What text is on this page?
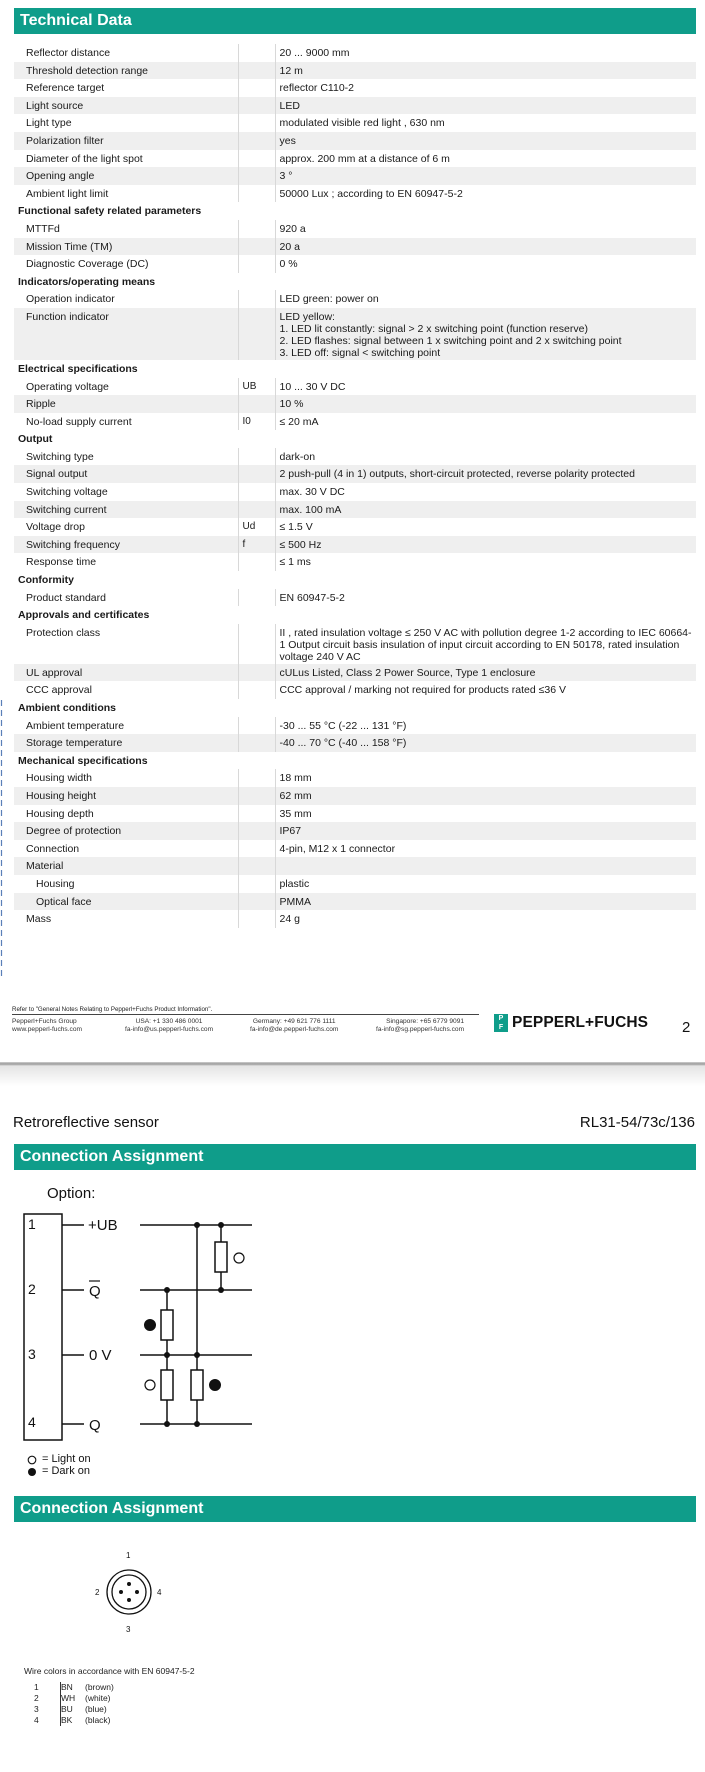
Technical Data
Reflector distance		20 ... 9000 mm
Threshold detection range		12 m
Reference target		reflector C110-2
Light source		LED
Light type		modulated visible red light , 630 nm
Polarization filter		yes
Diameter of the light spot		approx. 200 mm at a distance of 6 m
Opening angle		3 °
Ambient light limit		50000 Lux ; according to EN 60947-5-2
Functional safety related parameters		
MTTFd		920 a
Mission Time (TM)		20 a
Diagnostic Coverage (DC)		0 %
Indicators/operating means		
Operation indicator		LED green: power on
Function indicator		LED yellow:
1. LED lit constantly: signal > 2 x switching point (function reserve)
2. LED flashes: signal between 1 x switching point and 2 x switching point
3. LED off: signal < switching point
Electrical specifications		
Operating voltage	UB	10 ... 30 V DC
Ripple		10 %
No-load supply current	I0	≤ 20 mA
Output		
Switching type		dark-on
Signal output		2 push-pull (4 in 1) outputs, short-circuit protected, reverse polarity protected
Switching voltage		max. 30 V DC
Switching current		max. 100 mA
Voltage drop	Ud	≤ 1.5 V
Switching frequency	f	≤ 500 Hz
Response time		≤ 1 ms
Conformity		
Product standard		EN 60947-5-2
Approvals and certificates		
Protection class		II , rated insulation voltage ≤ 250 V AC with pollution degree 1-2 according to IEC 60664-1 Output circuit basis insulation of input circuit according to EN 50178, rated insulation voltage 240 V AC
UL approval		cULus Listed, Class 2 Power Source, Type 1 enclosure
CCC approval		CCC approval / marking not required for products rated ≤36 V
Ambient conditions		
Ambient temperature		-30 ... 55 °C (-22 ... 131 °F)
Storage temperature		-40 ... 70 °C (-40 ... 158 °F)
Mechanical specifications		
Housing width		18 mm
Housing height		62 mm
Housing depth		35 mm
Degree of protection		IP67
Connection		4-pin, M12 x 1 connector
Material		
Housing		plastic
Optical face		PMMA
Mass		24 g
Refer to "General Notes Relating to Pepperl+Fuchs Product Information".
Pepperl+Fuchs Group
www.pepperl-fuchs.com
USA: +1 330 486 0001
fa-info@us.pepperl-fuchs.com
Germany: +49 621 776 1111
fa-info@de.pepperl-fuchs.com
Singapore: +65 6779 9091
fa-info@sg.pepperl-fuchs.com
P
F PEPPERL+FUCHS 2
Retroreflective sensor	RL31-54/73c/136
Connection Assignment
Option:
1
2
3
4
+UB
Q
0 V
Q
= Light on
= Dark on
Connection Assignment
1
2
3
4
Wire colors in accordance with EN 60947-5-2
1	BN	(brown)
2	WH	(white)
3	BU	(blue)
4	BK	(black)
